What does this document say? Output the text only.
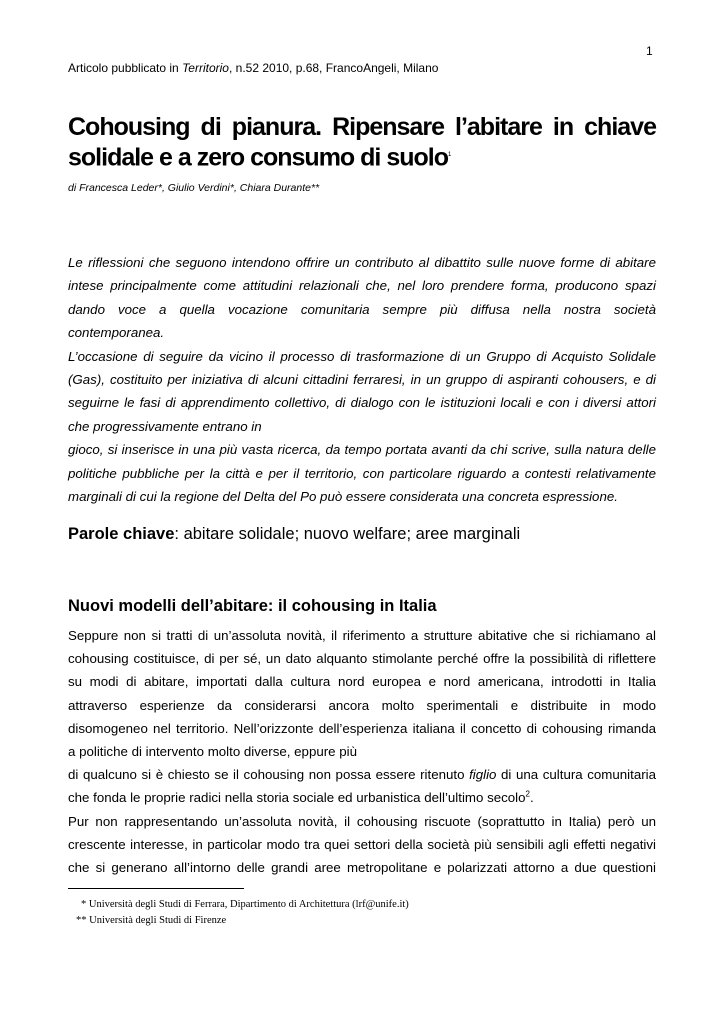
1
Articolo pubblicato in Territorio, n.52 2010, p.68, FrancoAngeli, Milano
Cohousing di pianura. Ripensare l’abitare in chiave
solidale e a zero consumo di suolo$^1$
di Francesca Leder*, Giulio Verdini*, Chiara Durante**

Le riflessioni che seguono intendono offrire un contributo al dibattito sulle nuove forme di abitare

intese principalmente come attitudini relazionali che, nel loro prendere forma, producono spazi

dando voce a quella vocazione comunitaria sempre più diffusa nella nostra società

contemporanea.

L’occasione di seguire da vicino il processo di trasformazione di un Gruppo di Acquisto Solidale

(Gas), costituito per iniziativa di alcuni cittadini ferraresi, in un gruppo di aspiranti cohousers, e di

seguirne le fasi di apprendimento collettivo, di dialogo con le istituzioni locali e con i diversi attori

che progressivamente entrano in

gioco, si inserisce in una più vasta ricerca, da tempo portata avanti da chi scrive, sulla natura delle

politiche pubbliche per la città e per il territorio, con particolare riguardo a contesti relativamente

marginali di cui la regione del Delta del Po può essere considerata una concreta espressione.

Parole chiave: abitare solidale; nuovo welfare; aree marginali
Nuovi modelli dell’abitare: il cohousing in Italia

Seppure non si tratti di un’assoluta novità, il riferimento a strutture abitative che si richiamano al

cohousing costituisce, di per sé, un dato alquanto stimolante perché offre la possibilità di riflettere

su modi di abitare, importati dalla cultura nord europea e nord americana, introdotti in Italia

attraverso esperienze da considerarsi ancora molto sperimentali e distribuite in modo

disomogeneo nel territorio. Nell’orizzonte dell’esperienza italiana il concetto di cohousing rimanda

a politiche di intervento molto diverse, eppure più

di qualcuno si è chiesto se il cohousing non possa essere ritenuto figlio di una cultura comunitaria

che fonda le proprie radici nella storia sociale ed urbanistica dell’ultimo secolo$^2$.

Pur non rappresentando un’assoluta novità, il cohousing riscuote (soprattutto in Italia) però un

crescente interesse, in particolar modo tra quei settori della società più sensibili agli effetti negativi

che si generano all’intorno delle grandi aree metropolitane e polarizzati attorno a due questioni

* Università degli Studi di Ferrara, Dipartimento di Architettura (lrf@unife.it)
** Università degli Studi di Firenze
